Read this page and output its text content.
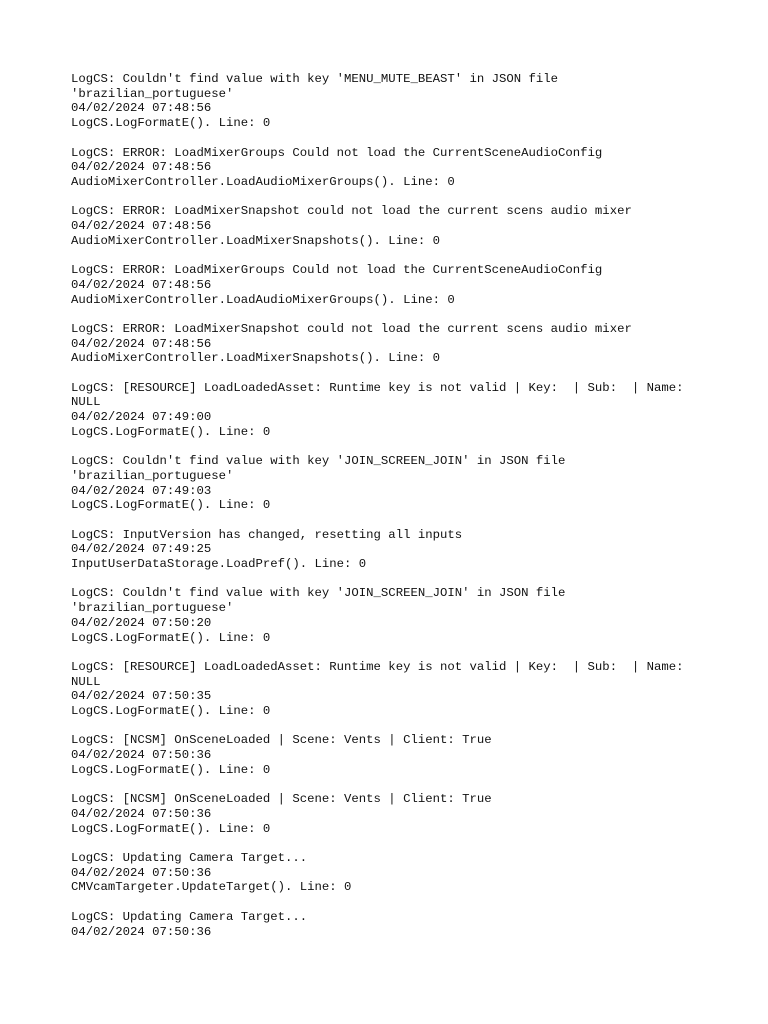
LogCS: Couldn't find value with key 'MENU_MUTE_BEAST' in JSON file
'brazilian_portuguese'
04/02/2024 07:48:56
LogCS.LogFormatE(). Line: 0
LogCS: ERROR: LoadMixerGroups Could not load the CurrentSceneAudioConfig
04/02/2024 07:48:56
AudioMixerController.LoadAudioMixerGroups(). Line: 0
LogCS: ERROR: LoadMixerSnapshot could not load the current scens audio mixer
04/02/2024 07:48:56
AudioMixerController.LoadMixerSnapshots(). Line: 0
LogCS: ERROR: LoadMixerGroups Could not load the CurrentSceneAudioConfig
04/02/2024 07:48:56
AudioMixerController.LoadAudioMixerGroups(). Line: 0
LogCS: ERROR: LoadMixerSnapshot could not load the current scens audio mixer
04/02/2024 07:48:56
AudioMixerController.LoadMixerSnapshots(). Line: 0
LogCS: [RESOURCE] LoadLoadedAsset: Runtime key is not valid | Key:  | Sub:  | Name:
NULL
04/02/2024 07:49:00
LogCS.LogFormatE(). Line: 0
LogCS: Couldn't find value with key 'JOIN_SCREEN_JOIN' in JSON file
'brazilian_portuguese'
04/02/2024 07:49:03
LogCS.LogFormatE(). Line: 0
LogCS: InputVersion has changed, resetting all inputs
04/02/2024 07:49:25
InputUserDataStorage.LoadPref(). Line: 0
LogCS: Couldn't find value with key 'JOIN_SCREEN_JOIN' in JSON file
'brazilian_portuguese'
04/02/2024 07:50:20
LogCS.LogFormatE(). Line: 0
LogCS: [RESOURCE] LoadLoadedAsset: Runtime key is not valid | Key:  | Sub:  | Name:
NULL
04/02/2024 07:50:35
LogCS.LogFormatE(). Line: 0
LogCS: [NCSM] OnSceneLoaded | Scene: Vents | Client: True
04/02/2024 07:50:36
LogCS.LogFormatE(). Line: 0
LogCS: [NCSM] OnSceneLoaded | Scene: Vents | Client: True
04/02/2024 07:50:36
LogCS.LogFormatE(). Line: 0
LogCS: Updating Camera Target...
04/02/2024 07:50:36
CMVcamTargeter.UpdateTarget(). Line: 0
LogCS: Updating Camera Target...
04/02/2024 07:50:36
